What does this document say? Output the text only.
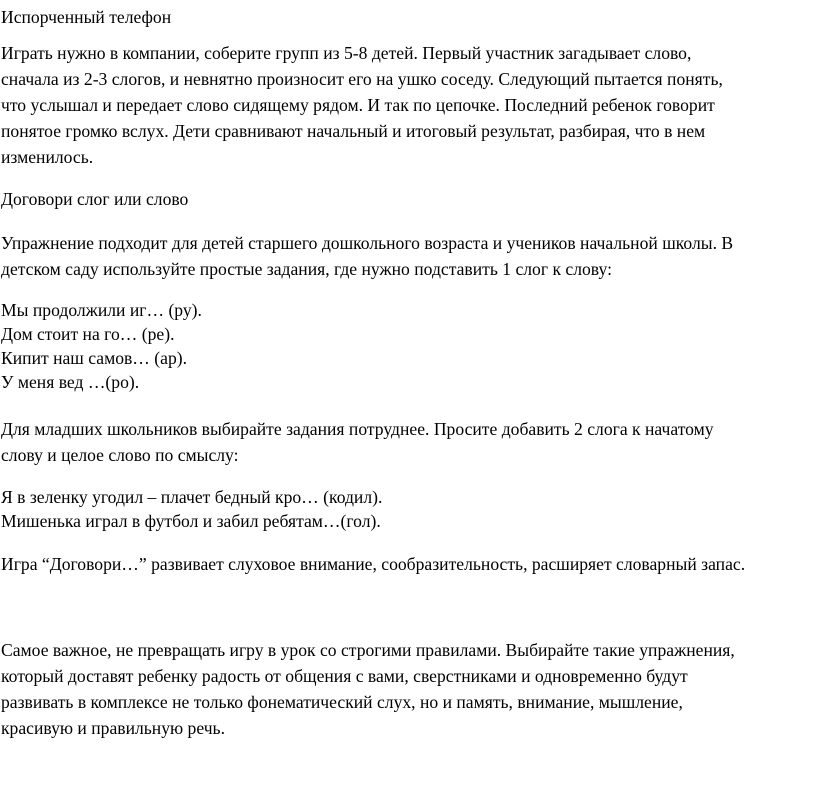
Испорченный телефон
Играть нужно в компании, соберите групп из 5-8 детей. Первый участник загадывает слово,
сначала из 2-3 слогов, и невнятно произносит его на ушко соседу. Следующий пытается понять,
что услышал и передает слово сидящему рядом. И так по цепочке. Последний ребенок говорит
понятое громко вслух. Дети сравнивают начальный и итоговый результат, разбирая, что в нем
изменилось.
Договори слог или слово
Упражнение подходит для детей старшего дошкольного возраста и учеников начальной школы. В
детском саду используйте простые задания, где нужно подставить 1 слог к слову:
Мы продолжили иг… (ру).
Дом стоит на го… (ре).
Кипит наш самов… (ар).
У меня вед …(ро).
Для младших школьников выбирайте задания потруднее. Просите добавить 2 слога к начатому
слову и целое слово по смыслу:
Я в зеленку угодил – плачет бедный кро… (кодил).
Мишенька играл в футбол и забил ребятам…(гол).
Игра “Договори…” развивает слуховое внимание, сообразительность, расширяет словарный запас.
Самое важное, не превращать игру в урок со строгими правилами. Выбирайте такие упражнения,
который доставят ребенку радость от общения с вами, сверстниками и одновременно будут
развивать в комплексе не только фонематический слух, но и память, внимание, мышление,
красивую и правильную речь.
